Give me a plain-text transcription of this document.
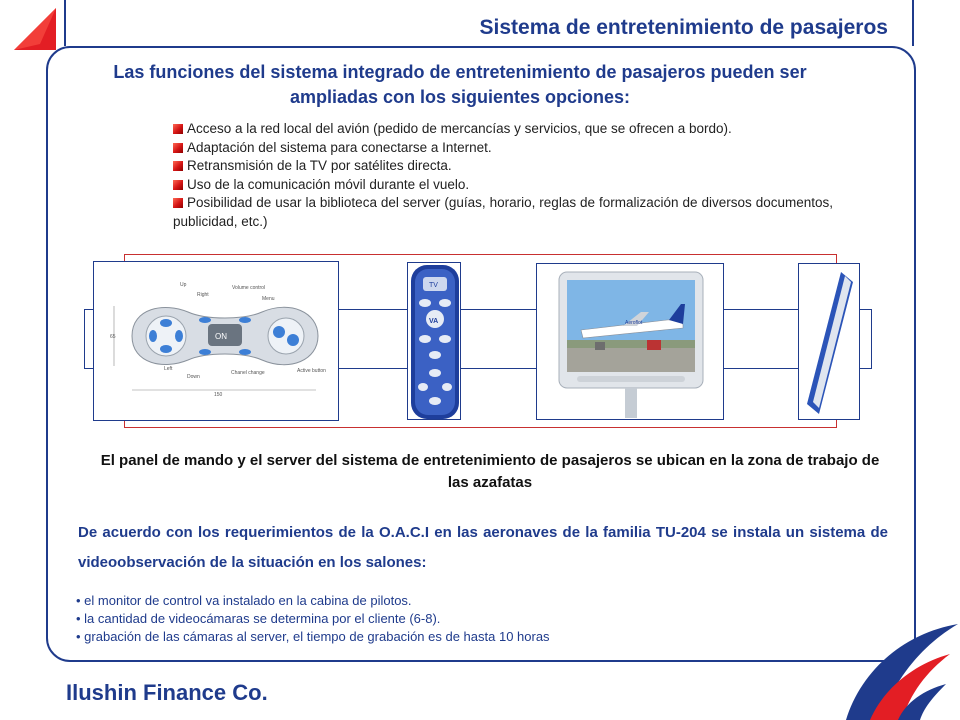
Sistema de entretenimiento de pasajeros
Las funciones del sistema integrado de entretenimiento de pasajeros pueden ser ampliadas con los siguientes opciones:
Acceso a la red local del avión (pedido de mercancías y servicios, que se ofrecen a bordo).
Adaptación del sistema para conectarse a Internet.
Retransmisión de la TV por satélites directa.
Uso de la comunicación móvil durante el vuelo.
Posibilidad de usar la biblioteca del server (guías, horario, reglas de formalización de diversos documentos, publicidad, etc.)
Up
Right
Volume control
Menu
Left
Down
Chanel change	Active button
150
65	ON
TV
VA	Aeroflot
El panel de mando y el server del sistema de entretenimiento de pasajeros se ubican en la zona de trabajo de las azafatas
De acuerdo con los requerimientos de la O.A.C.I en las aeronaves de la familia TU-204 se instala un sistema de videoobservación de la situación en los salones:
• el monitor de control va instalado en la cabina de pilotos.
• la cantidad de videocámaras se determina por el cliente (6-8).
• grabación de las cámaras al server, el tiempo de grabación es de hasta 10 horas
Ilushin Finance Co.
